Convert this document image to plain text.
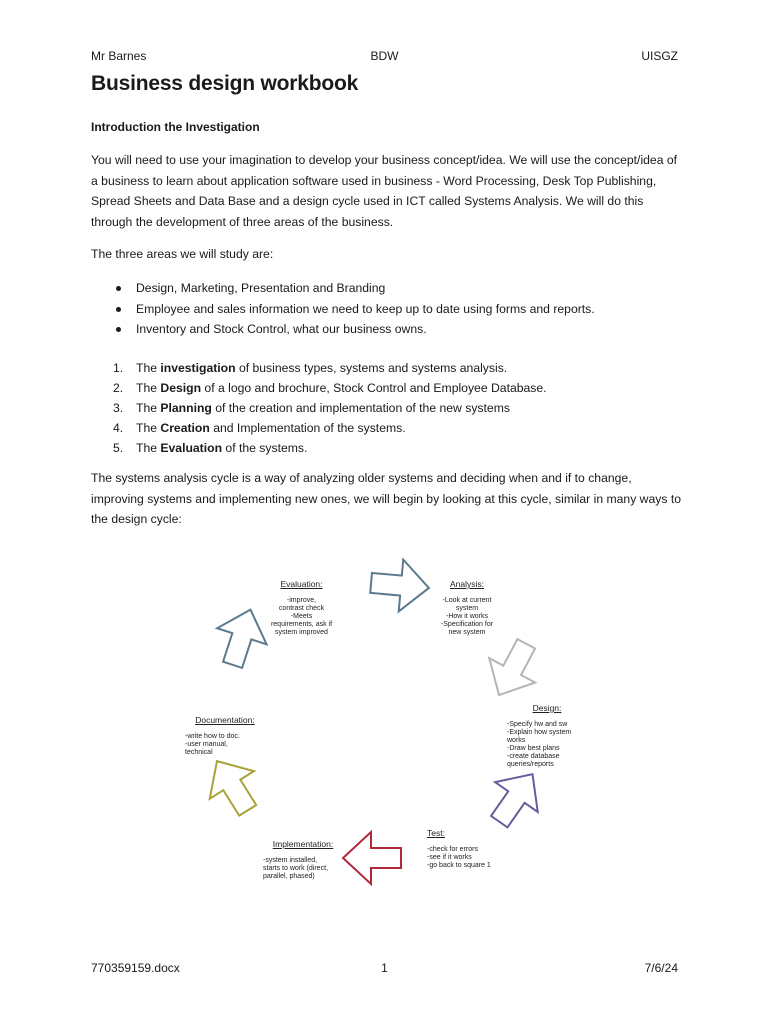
Mr Barnes	BDW	UISGZ
Business design workbook
Introduction the Investigation

You will need to use your imagination to develop your business concept/idea. We will use the concept/idea of a business to learn about application software used in business - Word Processing, Desk Top Publishing, Spread Sheets and Data Base and a design cycle used in ICT called Systems Analysis. We will do this through the development of three areas of the business.

The three areas we will study are:

Design, Marketing, Presentation and Branding
Employee and sales information we need to keep up to date using forms and reports.
Inventory and Stock Control, what our business owns.
1. The investigation of business types, systems and systems analysis.
2. The Design of a logo and brochure, Stock Control and Employee Database.
3. The Planning of the creation and implementation of the new systems
4. The Creation and Implementation of the systems.
5. The Evaluation of the systems.

The systems analysis cycle is a way of analyzing older systems and deciding when and if to change, improving systems and implementing new ones, we will begin by looking at this cycle, similar in many ways to the design cycle:

Evaluation:

-improve,
contrast check
-Meets
requirements, ask if
system improved

Analysis:

-Look at current
system
-How it works
-Specification for
new system

Design:

-Specify hw and sw
-Explain how system
works
-Draw best plans
-create database
queries/reports

Test:

-check for errors
-see if it works
-go back to square 1

Implementation:

-system installed,
starts to work (direct,
parallel, phased)

Documentation:

-write how to doc.
-user manual,
technical

770359159.docx	1	7/6/24
